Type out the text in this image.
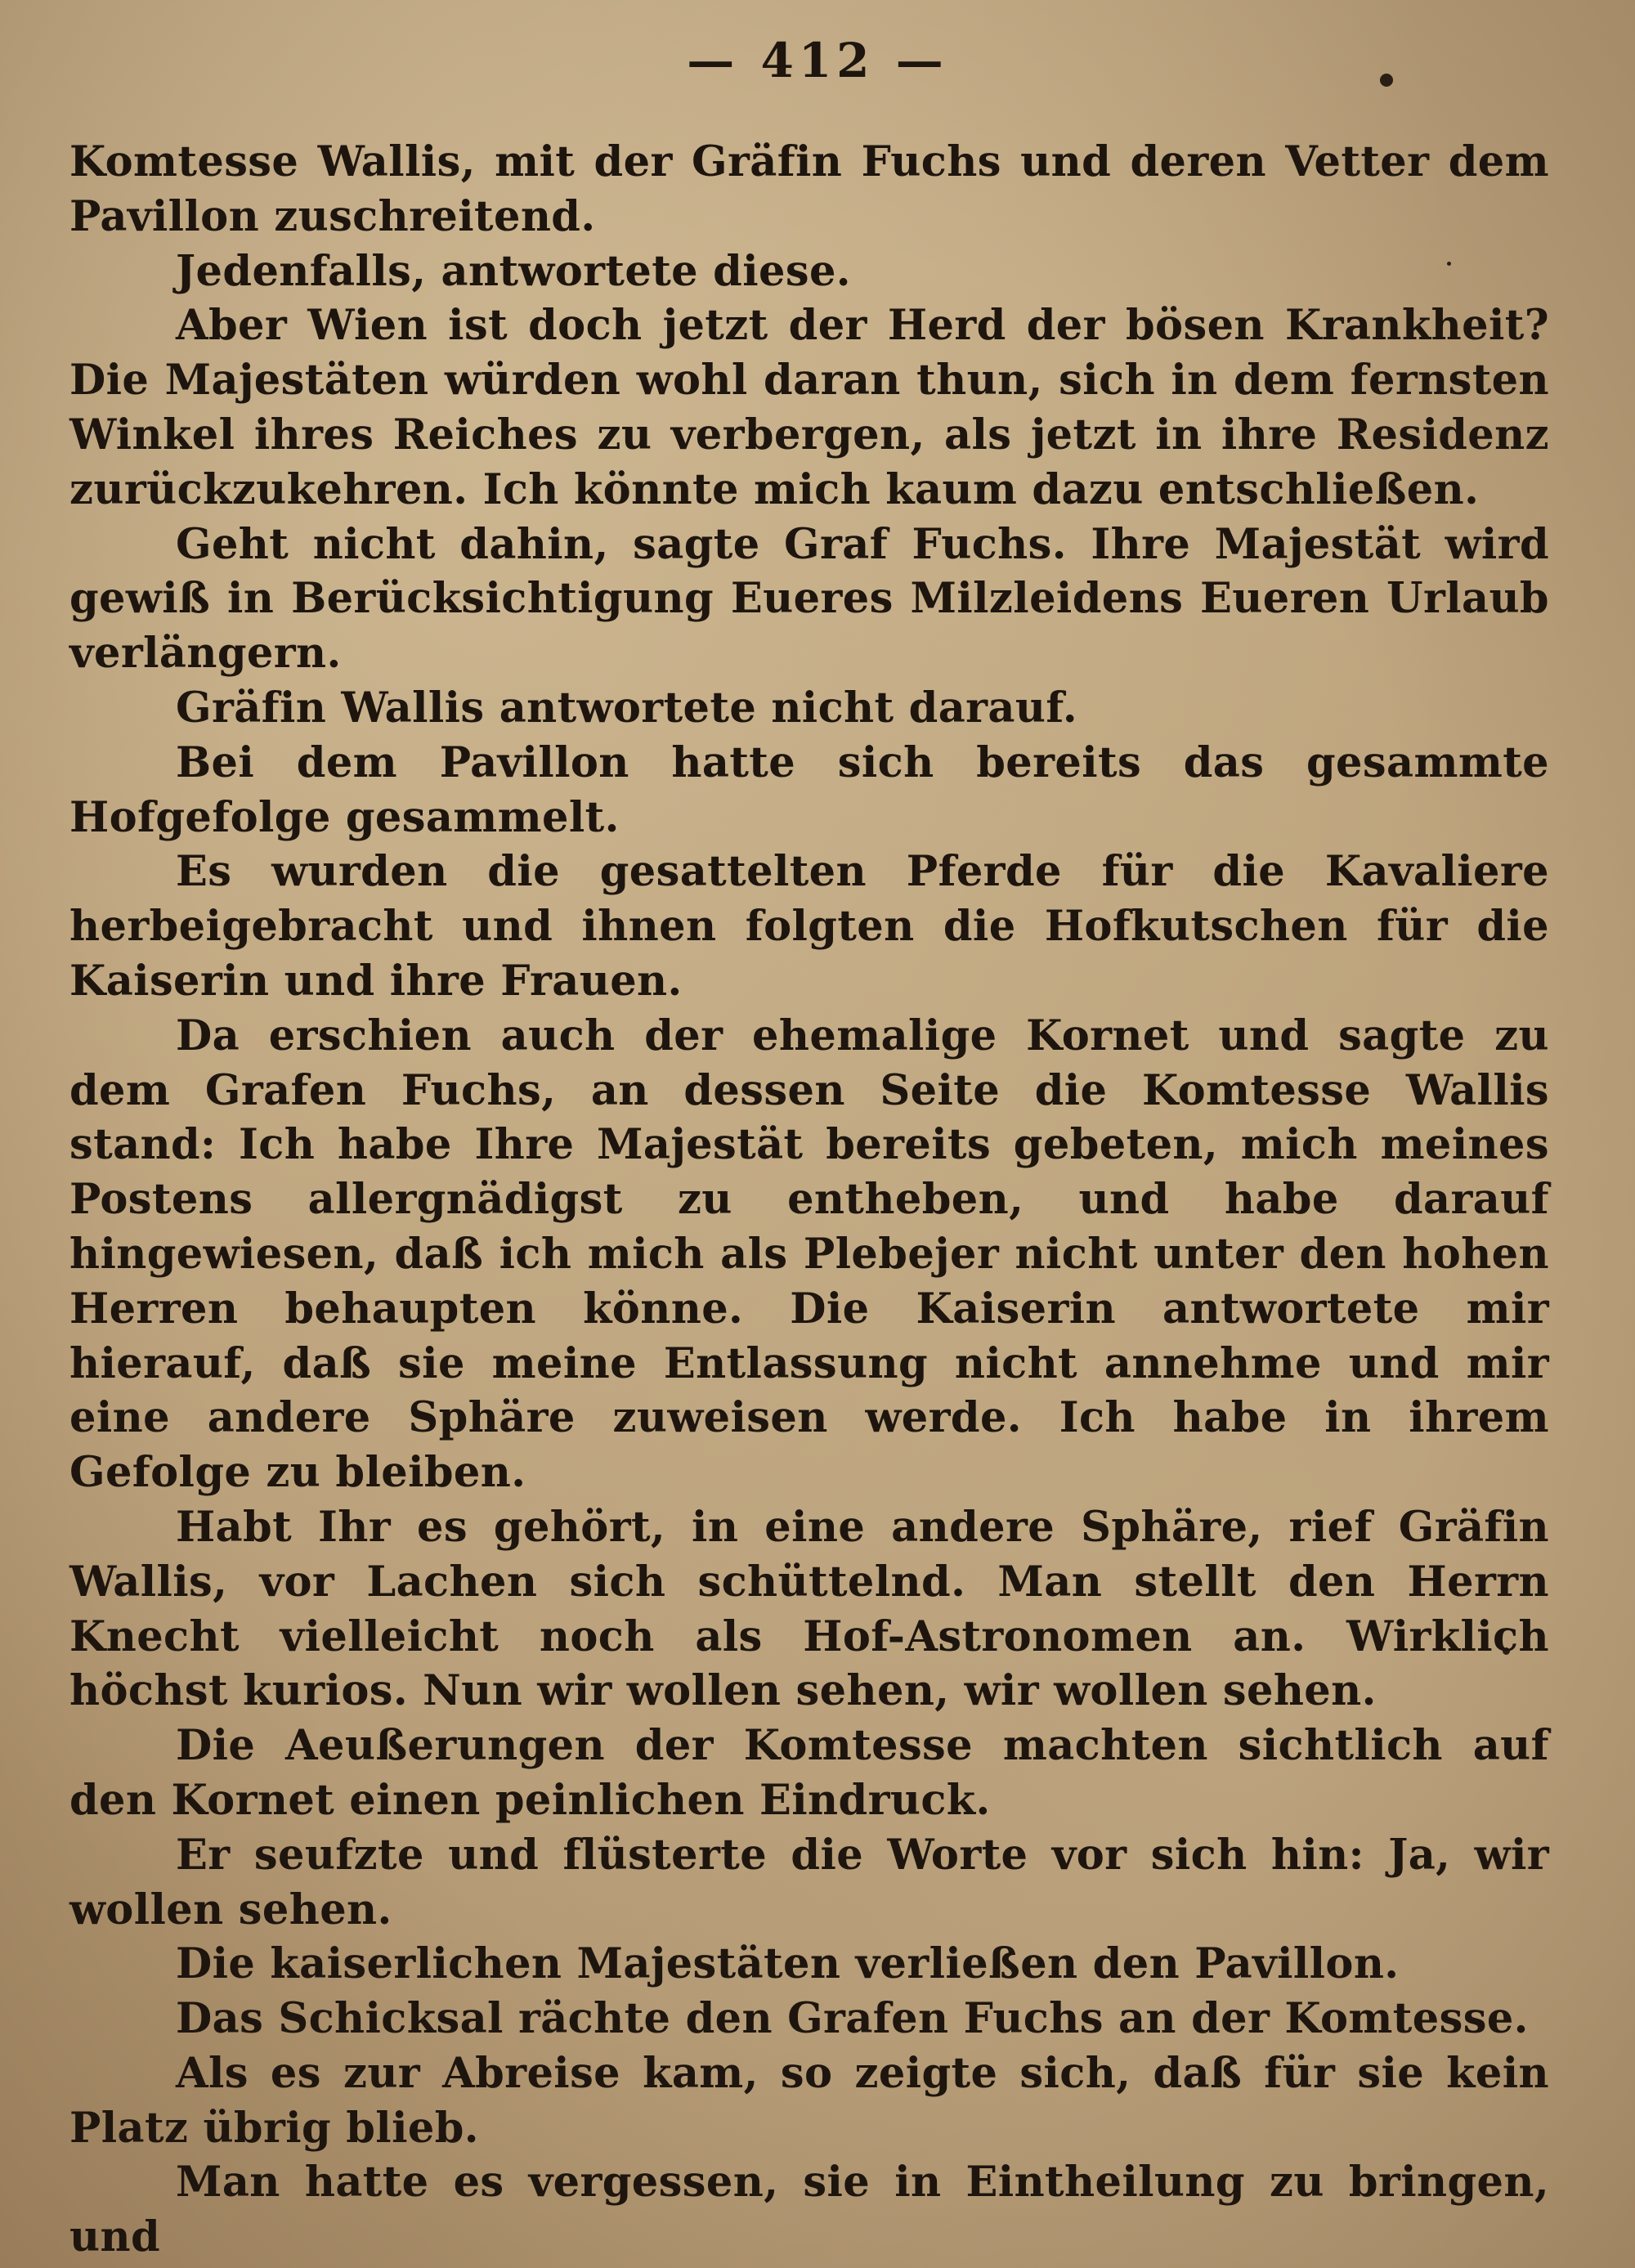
— 412 —

Komtesse Wallis, mit der Gräfin Fuchs und deren Vetter dem Pavillon zuschreitend.

Jedenfalls, antwortete diese.

Aber Wien ist doch jetzt der Herd der bösen Krankheit? Die Majestäten würden wohl daran thun, sich in dem fernsten Winkel ihres Reiches zu verbergen, als jetzt in ihre Residenz zurückzukehren. Ich könnte mich kaum dazu entschließen.

Geht nicht dahin, sagte Graf Fuchs. Ihre Majestät wird gewiß in Berücksichtigung Eueres Milzleidens Eueren Urlaub verlängern.

Gräfin Wallis antwortete nicht darauf.

Bei dem Pavillon hatte sich bereits das gesammte Hofgefolge gesammelt.

Es wurden die gesattelten Pferde für die Kavaliere herbeigebracht und ihnen folgten die Hofkutschen für die Kaiserin und ihre Frauen.

Da erschien auch der ehemalige Kornet und sagte zu dem Grafen Fuchs, an dessen Seite die Komtesse Wallis stand: Ich habe Ihre Majestät bereits gebeten, mich meines Postens allergnädigst zu entheben, und habe darauf hingewiesen, daß ich mich als Plebejer nicht unter den hohen Herren behaupten könne. Die Kaiserin antwortete mir hierauf, daß sie meine Entlassung nicht annehme und mir eine andere Sphäre zuweisen werde. Ich habe in ihrem Gefolge zu bleiben.

Habt Ihr es gehört, in eine andere Sphäre, rief Gräfin Wallis, vor Lachen sich schüttelnd. Man stellt den Herrn Knecht vielleicht noch als Hof-Astronomen an. Wirklich höchst kurios. Nun wir wollen sehen, wir wollen sehen.

Die Aeußerungen der Komtesse machten sichtlich auf den Kornet einen peinlichen Eindruck.

Er seufzte und flüsterte die Worte vor sich hin: Ja, wir wollen sehen.

Die kaiserlichen Majestäten verließen den Pavillon.

Das Schicksal rächte den Grafen Fuchs an der Komtesse.

Als es zur Abreise kam, so zeigte sich, daß für sie kein Platz übrig blieb.

Man hatte es vergessen, sie in Eintheilung zu bringen, und
